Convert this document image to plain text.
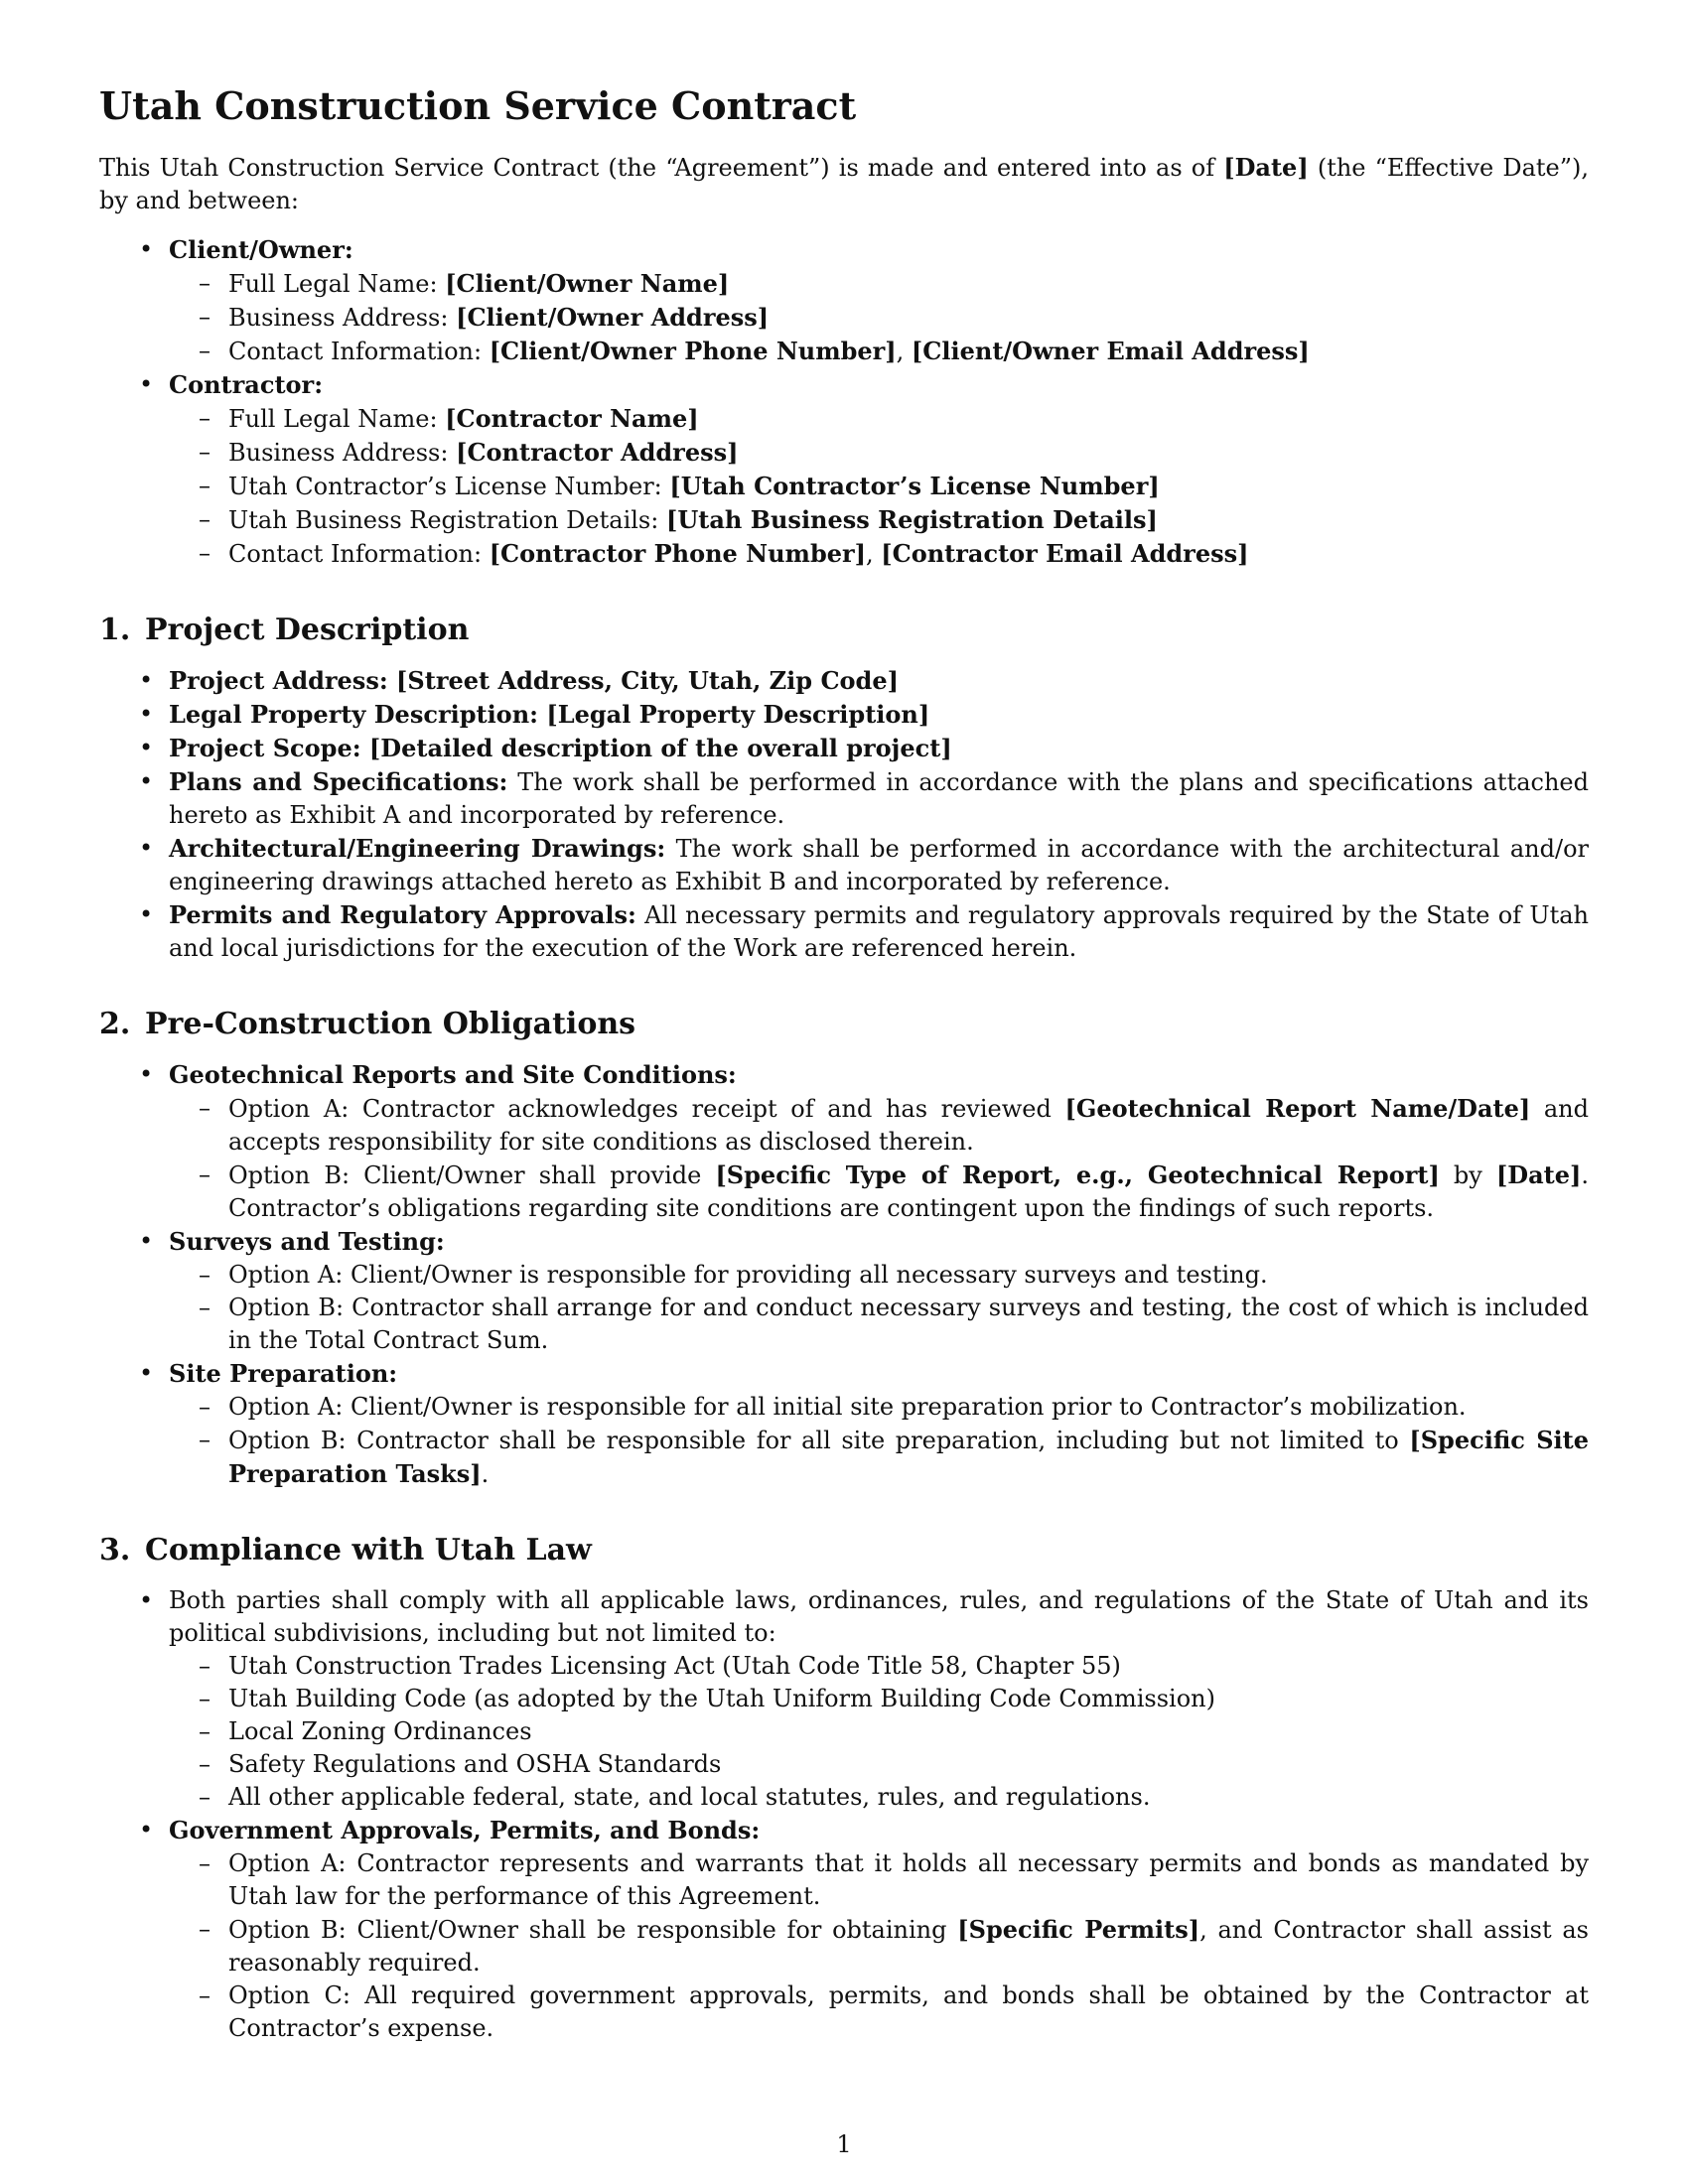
Utah Construction Service Contract

This Utah Construction Service Contract (the “Agreement”) is made and entered into as of [Date] (the “Effective Date”), by and between:

• Client/Owner:
– Full Legal Name: [Client/Owner Name]
– Business Address: [Client/Owner Address]
– Contact Information: [Client/Owner Phone Number], [Client/Owner Email Address]
• Contractor:
– Full Legal Name: [Contractor Name]
– Business Address: [Contractor Address]
– Utah Contractor’s License Number: [Utah Contractor’s License Number]
– Utah Business Registration Details: [Utah Business Registration Details]
– Contact Information: [Contractor Phone Number], [Contractor Email Address]
1. Project Description
• Project Address: [Street Address, City, Utah, Zip Code]
• Legal Property Description: [Legal Property Description]
• Project Scope: [Detailed description of the overall project]
• Plans and Specifications: The work shall be performed in accordance with the plans and specifications attached hereto as Exhibit A and incorporated by reference.
• Architectural/Engineering Drawings: The work shall be performed in accordance with the architectural and/or engineering drawings attached hereto as Exhibit B and incorporated by reference.
• Permits and Regulatory Approvals: All necessary permits and regulatory approvals required by the State of Utah and local jurisdictions for the execution of the Work are referenced herein.
2. Pre-Construction Obligations
• Geotechnical Reports and Site Conditions:
– Option A: Contractor acknowledges receipt of and has reviewed [Geotechnical Report Name/Date] and accepts responsibility for site conditions as disclosed therein.
– Option B: Client/Owner shall provide [Specific Type of Report, e.g., Geotechnical Report] by [Date]. Contractor’s obligations regarding site conditions are contingent upon the findings of such reports.
• Surveys and Testing:
– Option A: Client/Owner is responsible for providing all necessary surveys and testing.
– Option B: Contractor shall arrange for and conduct necessary surveys and testing, the cost of which is included in the Total Contract Sum.
• Site Preparation:
– Option A: Client/Owner is responsible for all initial site preparation prior to Contractor’s mobilization.
– Option B: Contractor shall be responsible for all site preparation, including but not limited to [Specific Site Preparation Tasks].
3. Compliance with Utah Law
• Both parties shall comply with all applicable laws, ordinances, rules, and regulations of the State of Utah and its political subdivisions, including but not limited to:
– Utah Construction Trades Licensing Act (Utah Code Title 58, Chapter 55)
– Utah Building Code (as adopted by the Utah Uniform Building Code Commission)
– Local Zoning Ordinances
– Safety Regulations and OSHA Standards
– All other applicable federal, state, and local statutes, rules, and regulations.
• Government Approvals, Permits, and Bonds:
– Option A: Contractor represents and warrants that it holds all necessary permits and bonds as mandated by Utah law for the performance of this Agreement.
– Option B: Client/Owner shall be responsible for obtaining [Specific Permits], and Contractor shall assist as reasonably required.
– Option C: All required government approvals, permits, and bonds shall be obtained by the Contractor at Contractor’s expense.
1
